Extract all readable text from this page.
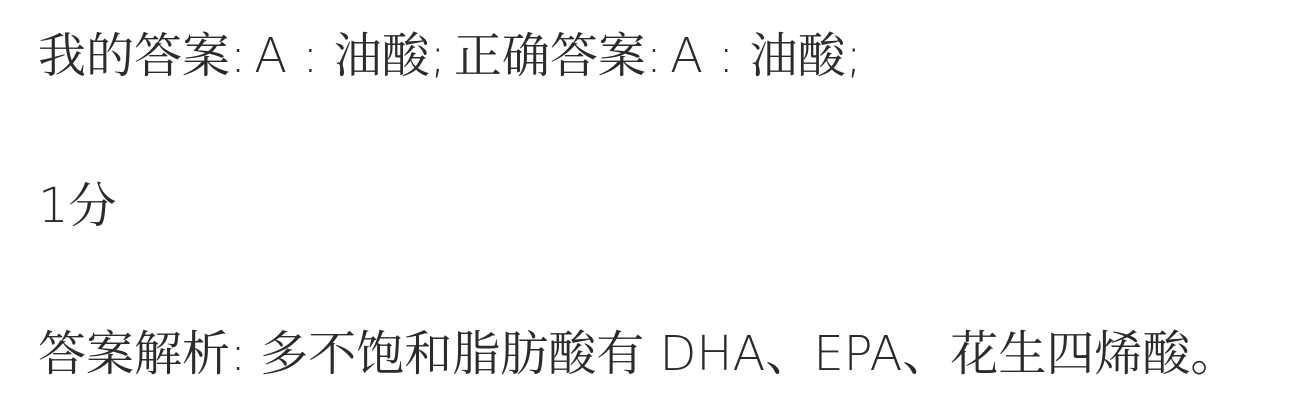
我的答案: A : 油酸; 正确答案: A : 油酸;
1分
答案解析: 多不饱和脂肪酸有 DHA、EPA、花生四烯酸。
